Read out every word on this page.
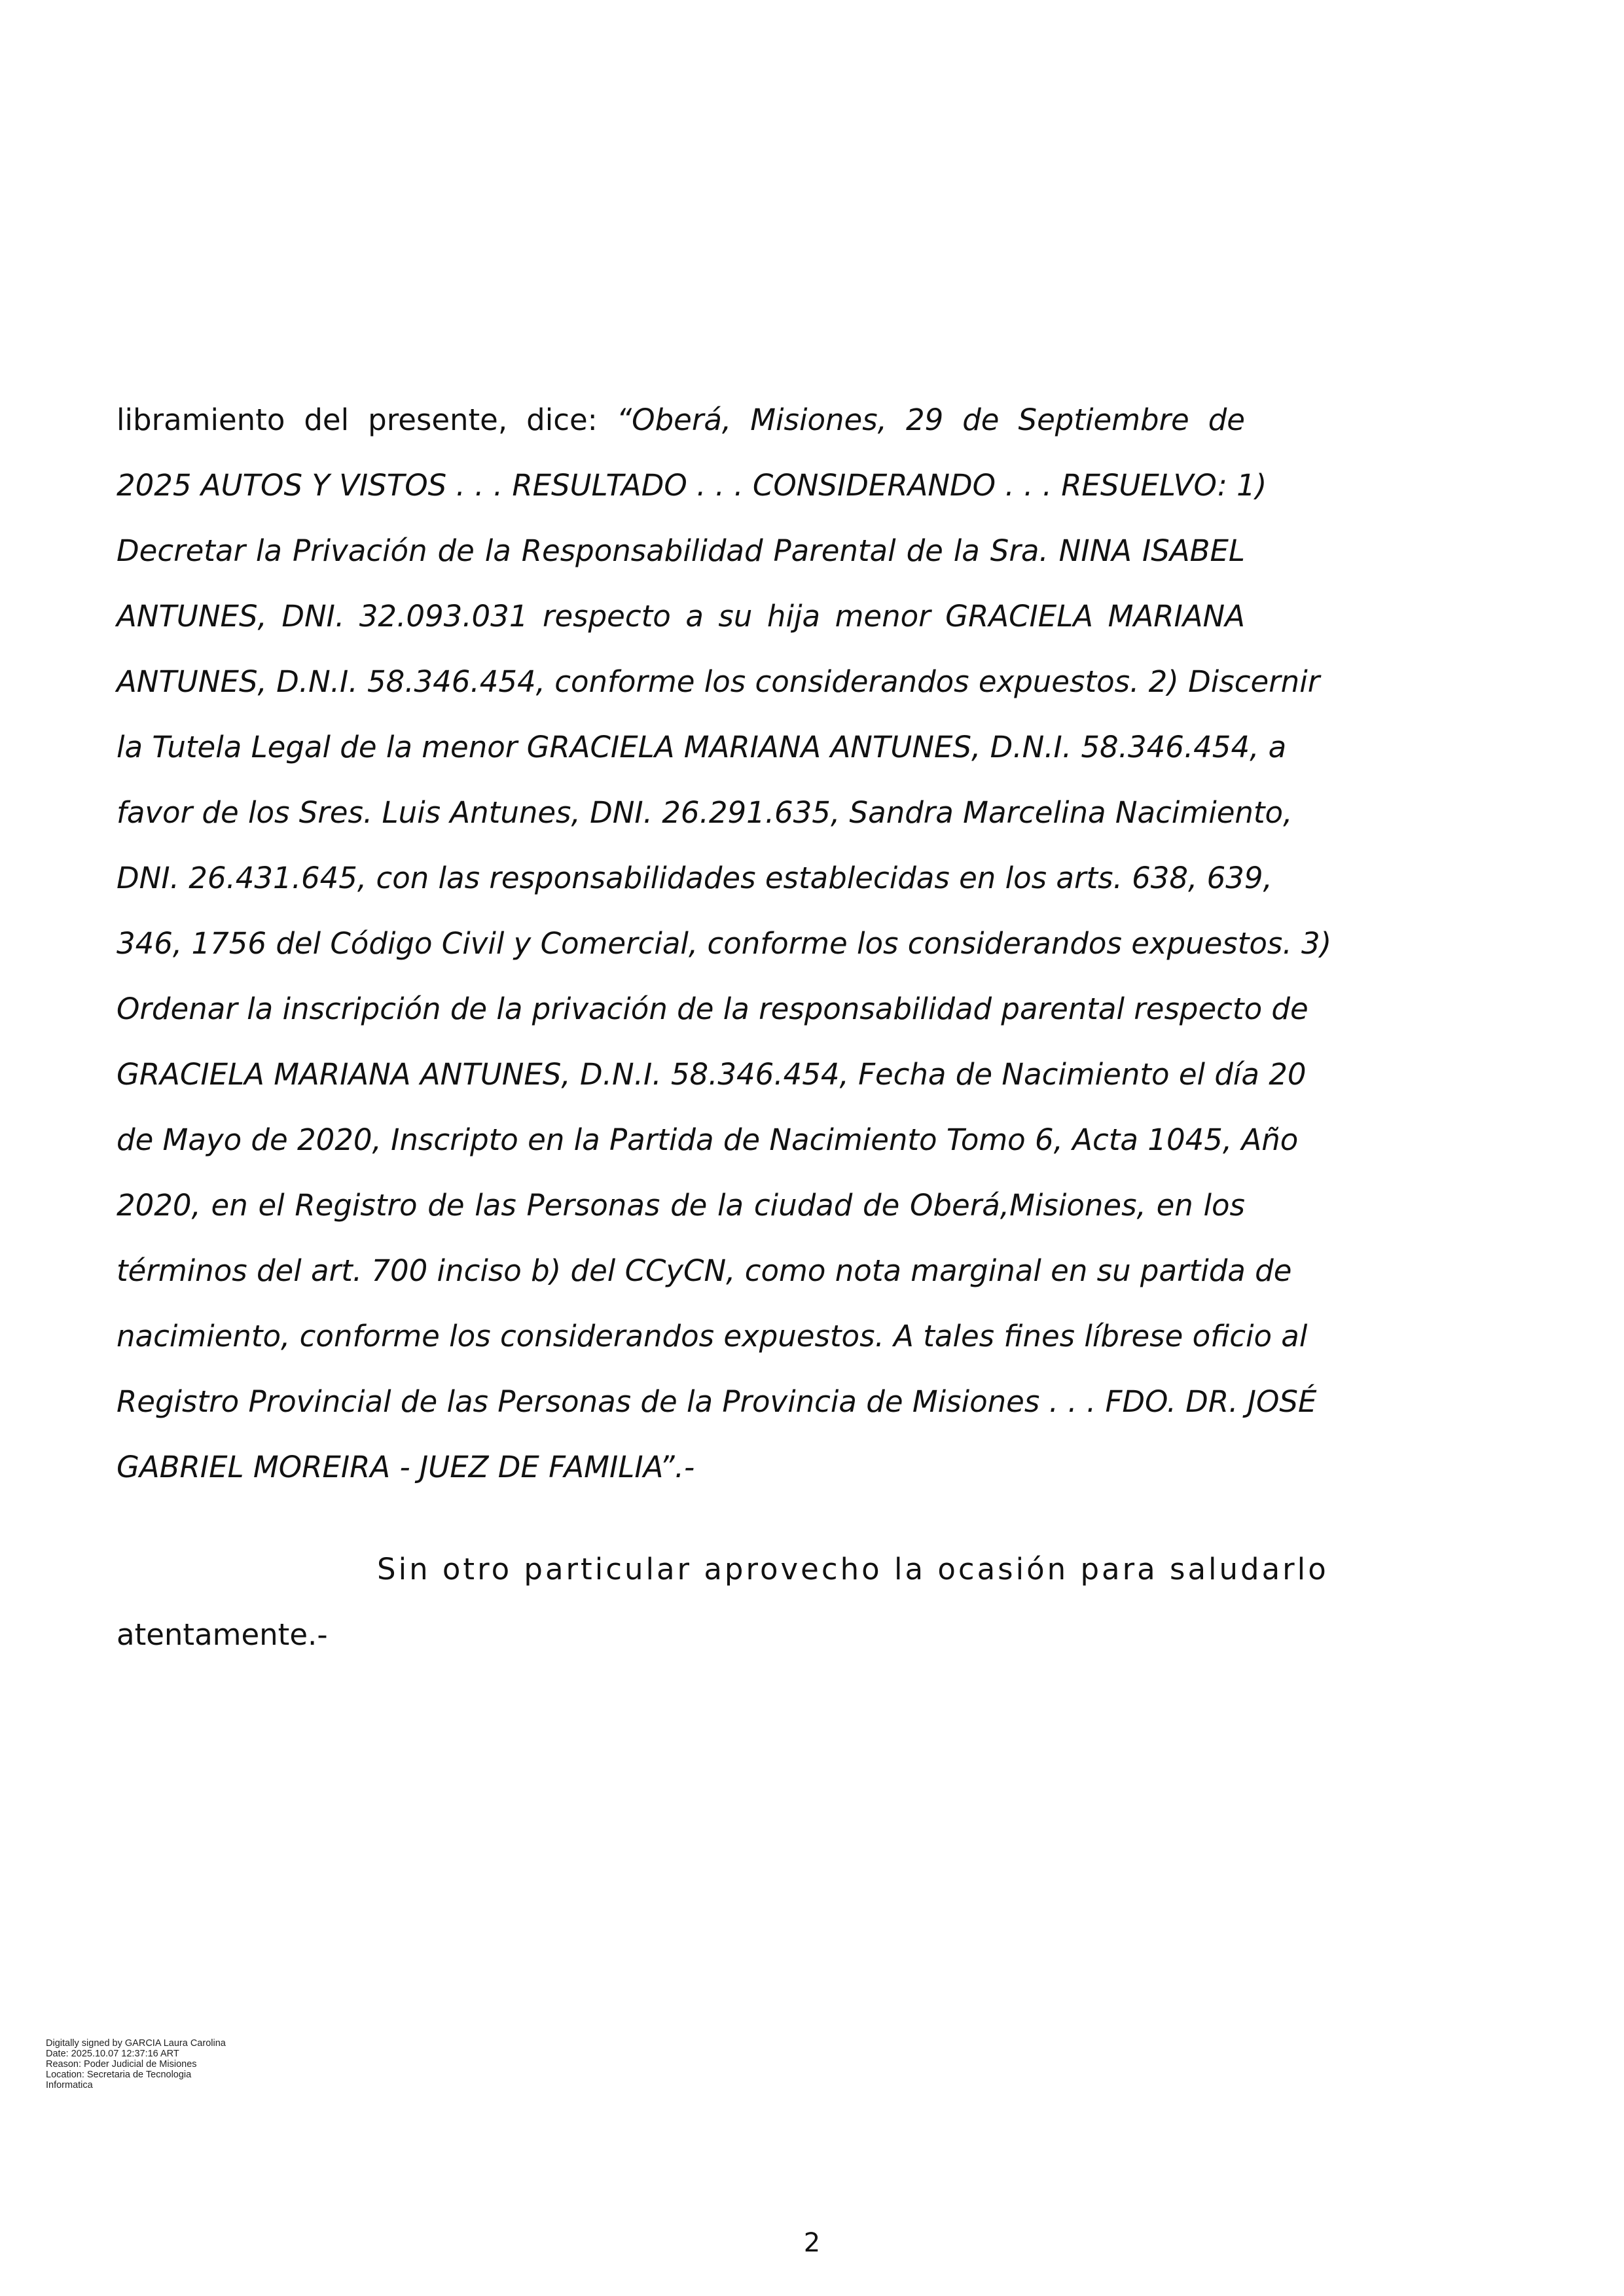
libramiento del presente, dice: “Oberá, Misiones, 29 de Septiembre de
2025 AUTOS Y VISTOS . . . RESULTADO . . . CONSIDERANDO . . . RESUELVO: 1)
Decretar la Privación de la Responsabilidad Parental de la Sra. NINA ISABEL
ANTUNES, DNI. 32.093.031 respecto a su hija menor GRACIELA MARIANA
ANTUNES, D.N.I. 58.346.454, conforme los considerandos expuestos. 2) Discernir
la Tutela Legal de la menor GRACIELA MARIANA ANTUNES, D.N.I. 58.346.454, a
favor de los Sres. Luis Antunes, DNI. 26.291.635, Sandra Marcelina Nacimiento,
DNI. 26.431.645, con las responsabilidades establecidas en los arts. 638, 639,
346, 1756 del Código Civil y Comercial, conforme los considerandos expuestos. 3)
Ordenar la inscripción de la privación de la responsabilidad parental respecto de
GRACIELA MARIANA ANTUNES, D.N.I. 58.346.454, Fecha de Nacimiento el día 20
de Mayo de 2020, Inscripto en la Partida de Nacimiento Tomo 6, Acta 1045, Año
2020, en el Registro de las Personas de la ciudad de Oberá,Misiones, en los
términos del art. 700 inciso b) del CCyCN, como nota marginal en su partida de
nacimiento, conforme los considerandos expuestos. A tales fines líbrese oficio al
Registro Provincial de las Personas de la Provincia de Misiones . . . FDO. DR. JOSÉ
GABRIEL MOREIRA - JUEZ DE FAMILIA”.-
Sin otro particular aprovecho la ocasión para saludarlo
atentamente.-
Digitally signed by GARCIA Laura Carolina
Date: 2025.10.07 12:37:16 ART
Reason: Poder Judicial de Misiones
Location: Secretaria de Tecnologia
Informatica
2
